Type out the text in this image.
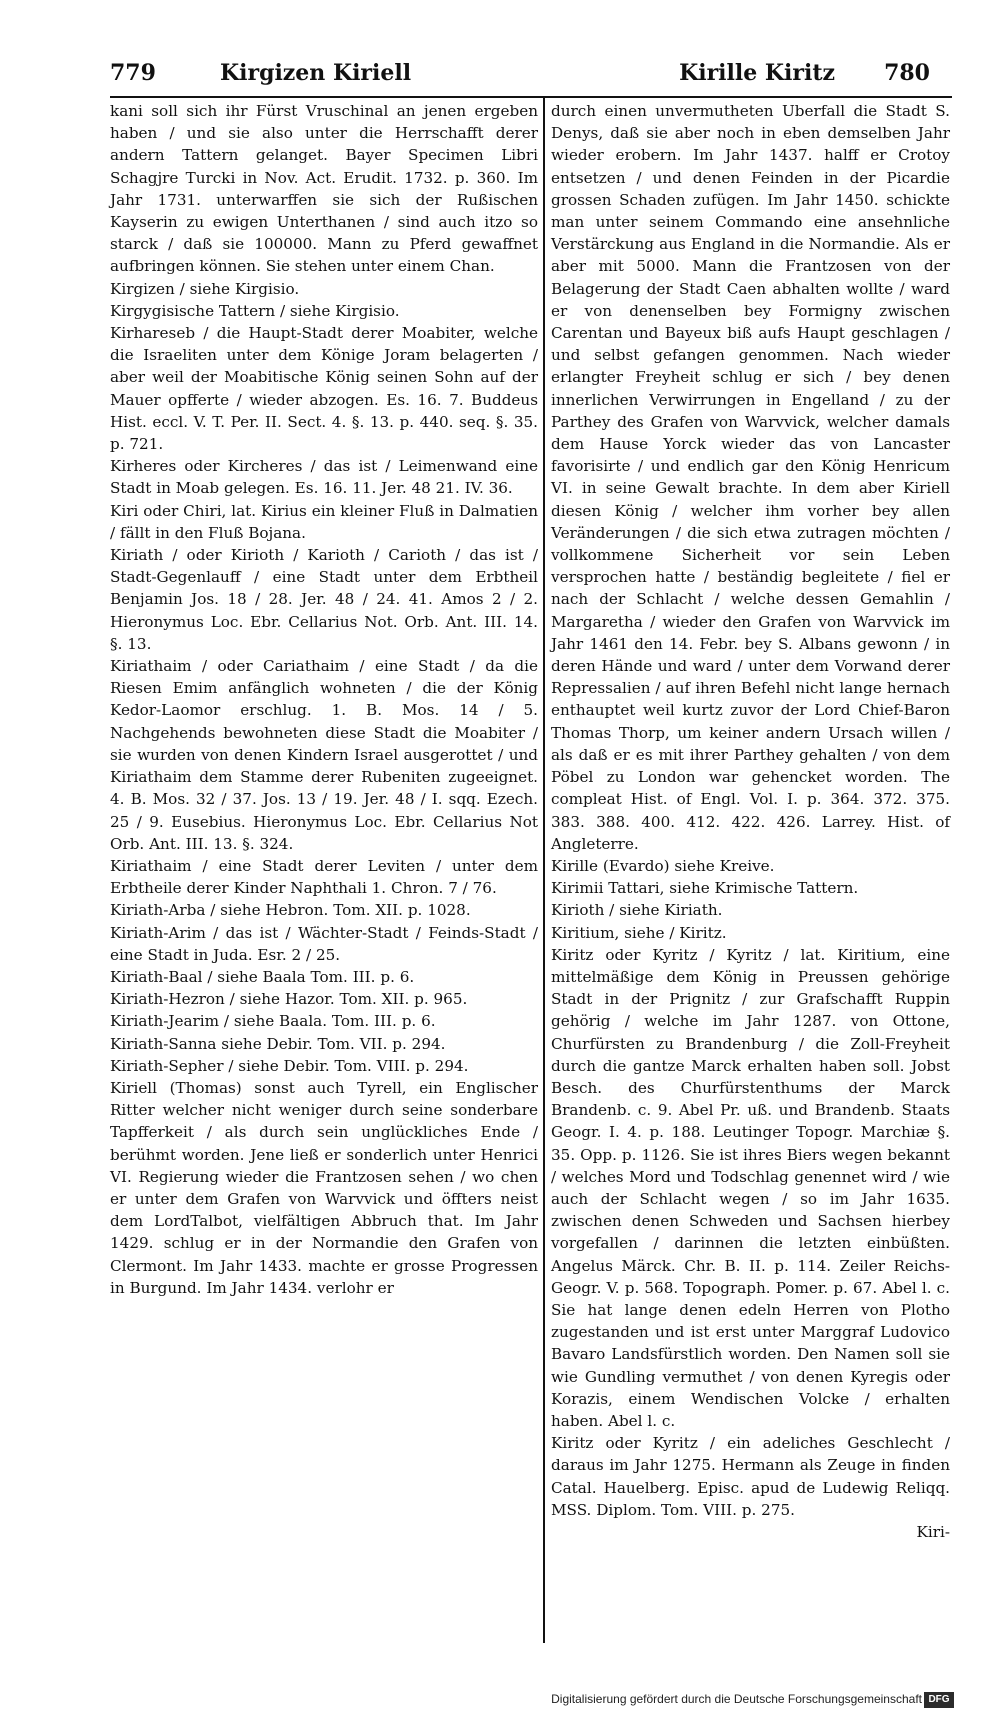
779	Kirgizen Kiriell	Kirille Kiritz 780

kani soll sich ihr Fürst Vruschinal an jenen ergeben haben / und sie also unter die Herrschafft derer andern Tattern gelanget. Bayer Specimen Libri Schagjre Turcki in Nov. Act. Erudit. 1732. p. 360. Im Jahr 1731. unterwarffen sie sich der Rußischen Kayserin zu ewigen Unterthanen / sind auch itzo so starck / daß sie 100000. Mann zu Pferd gewaffnet aufbringen können. Sie stehen unter einem Chan.

Kirgizen / siehe Kirgisio.

Kirgygisische Tattern / siehe Kirgisio.

Kirhareseb / die Haupt-Stadt derer Moabiter, welche die Israeliten unter dem Könige Joram belagerten / aber weil der Moabitische König seinen Sohn auf der Mauer opfferte / wieder abzogen. Es. 16. 7. Buddeus Hist. eccl. V. T. Per. II. Sect. 4. §. 13. p. 440. seq. §. 35. p. 721.

Kirheres oder Kircheres / das ist / Leimenwand eine Stadt in Moab gelegen. Es. 16. 11. Jer. 48 21. IV. 36.

Kiri oder Chiri, lat. Kirius ein kleiner Fluß in Dalmatien / fällt in den Fluß Bojana.

Kiriath / oder Kirioth / Karioth / Carioth / das ist / Stadt-Gegenlauff / eine Stadt unter dem Erbtheil Benjamin Jos. 18 / 28. Jer. 48 / 24. 41. Amos 2 / 2. Hieronymus Loc. Ebr. Cellarius Not. Orb. Ant. III. 14. §. 13.

Kiriathaim / oder Cariathaim / eine Stadt / da die Riesen Emim anfänglich wohneten / die der König Kedor-Laomor erschlug. 1. B. Mos. 14 / 5. Nachgehends bewohneten diese Stadt die Moabiter / sie wurden von denen Kindern Israel ausgerottet / und Kiriathaim dem Stamme derer Rubeniten zugeeignet. 4. B. Mos. 32 / 37. Jos. 13 / 19. Jer. 48 / I. sqq. Ezech. 25 / 9. Eusebius. Hieronymus Loc. Ebr. Cellarius Not Orb. Ant. III. 13. §. 324.

Kiriathaim / eine Stadt derer Leviten / unter dem Erbtheile derer Kinder Naphthali 1. Chron. 7 / 76.

Kiriath-Arba / siehe Hebron. Tom. XII. p. 1028.

Kiriath-Arim / das ist / Wächter-Stadt / Feinds-Stadt / eine Stadt in Juda. Esr. 2 / 25.

Kiriath-Baal / siehe Baala Tom. III. p. 6.

Kiriath-Hezron / siehe Hazor. Tom. XII. p. 965.

Kiriath-Jearim / siehe Baala. Tom. III. p. 6.

Kiriath-Sanna siehe Debir. Tom. VII. p. 294.

Kiriath-Sepher / siehe Debir. Tom. VIII. p. 294.

Kiriell (Thomas) sonst auch Tyrell, ein Englischer Ritter welcher nicht weniger durch seine sonderbare Tapfferkeit / als durch sein unglückliches Ende / berühmt worden. Jene ließ er sonderlich unter Henrici VI. Regierung wieder die Frantzosen sehen / wo chen er unter dem Grafen von Warvvick und öffters neist dem LordTalbot, vielfältigen Abbruch that. Im Jahr 1429. schlug er in der Normandie den Grafen von Clermont. Im Jahr 1433. machte er grosse Progressen in Burgund. Im Jahr 1434. verlohr er

durch einen unvermutheten Uberfall die Stadt S. Denys, daß sie aber noch in eben demselben Jahr wieder erobern. Im Jahr 1437. halff er Crotoy entsetzen / und denen Feinden in der Picardie grossen Schaden zufügen. Im Jahr 1450. schickte man unter seinem Commando eine ansehnliche Verstärckung aus England in die Normandie. Als er aber mit 5000. Mann die Frantzosen von der Belagerung der Stadt Caen abhalten wollte / ward er von denenselben bey Formigny zwischen Carentan und Bayeux biß aufs Haupt geschlagen / und selbst gefangen genommen. Nach wieder erlangter Freyheit schlug er sich / bey denen innerlichen Verwirrungen in Engelland / zu der Parthey des Grafen von Warvvick, welcher damals dem Hause Yorck wieder das von Lancaster favorisirte / und endlich gar den König Henricum VI. in seine Gewalt brachte. In dem aber Kiriell diesen König / welcher ihm vorher bey allen Veränderungen / die sich etwa zutragen möchten / vollkommene Sicherheit vor sein Leben versprochen hatte / beständig begleitete / fiel er nach der Schlacht / welche dessen Gemahlin / Margaretha / wieder den Grafen von Warvvick im Jahr 1461 den 14. Febr. bey S. Albans gewonn / in deren Hände und ward / unter dem Vorwand derer Repressalien / auf ihren Befehl nicht lange hernach enthauptet weil kurtz zuvor der Lord Chief-Baron Thomas Thorp, um keiner andern Ursach willen / als daß er es mit ihrer Parthey gehalten / von dem Pöbel zu London war gehencket worden. The compleat Hist. of Engl. Vol. I. p. 364. 372. 375. 383. 388. 400. 412. 422. 426. Larrey. Hist. of Angleterre.

Kirille (Evardo) siehe Kreive.

Kirimii Tattari, siehe Krimische Tattern.

Kirioth / siehe Kiriath.

Kiritium, siehe / Kiritz.

Kiritz oder Kyritz / Kyritz / lat. Kiritium, eine mittelmäßige dem König in Preussen gehörige Stadt in der Prignitz / zur Grafschafft Ruppin gehörig / welche im Jahr 1287. von Ottone, Churfürsten zu Brandenburg / die Zoll-Freyheit durch die gantze Marck erhalten haben soll. Jobst Besch. des Churfürstenthums der Marck Brandenb. c. 9. Abel Pr. uß. und Brandenb. Staats Geogr. I. 4. p. 188. Leutinger Topogr. Marchiæ §. 35. Opp. p. 1126. Sie ist ihres Biers wegen bekannt / welches Mord und Todschlag genennet wird / wie auch der Schlacht wegen / so im Jahr 1635. zwischen denen Schweden und Sachsen hierbey vorgefallen / darinnen die letzten einbüßten. Angelus Märck. Chr. B. II. p. 114. Zeiler Reichs-Geogr. V. p. 568. Topograph. Pomer. p. 67. Abel l. c. Sie hat lange denen edeln Herren von Plotho zugestanden und ist erst unter Marggraf Ludovico Bavaro Landsfürstlich worden. Den Namen soll sie wie Gundling vermuthet / von denen Kyregis oder Korazis, einem Wendischen Volcke / erhalten haben. Abel l. c.

Kiritz oder Kyritz / ein adeliches Geschlecht / daraus im Jahr 1275. Hermann als Zeuge in finden Catal. Hauelberg. Episc. apud de Ludewig Reliqq. MSS. Diplom. Tom. VIII. p. 275.

Kiri-

Digitalisierung gefördert durch die Deutsche Forschungsgemeinschaft DFG
